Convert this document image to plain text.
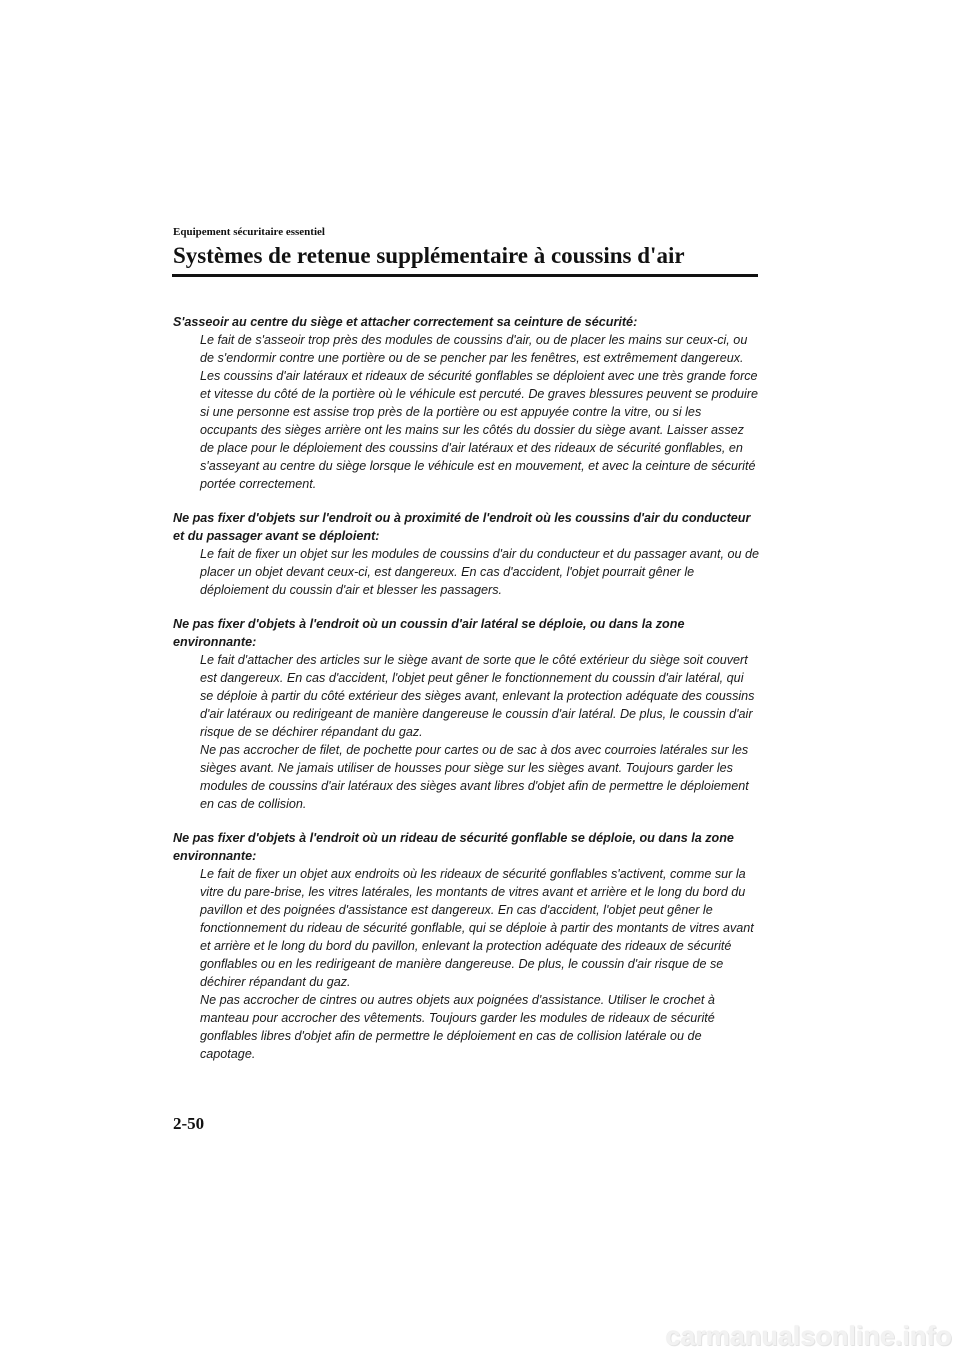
Equipement sécuritaire essentiel
Systèmes de retenue supplémentaire à coussins d'air

S'asseoir au centre du siège et attacher correctement sa ceinture de sécurité:

Le fait de s'asseoir trop près des modules de coussins d'air, ou de placer les mains sur ceux-ci, ou de s'endormir contre une portière ou de se pencher par les fenêtres, est extrêmement dangereux. Les coussins d'air latéraux et rideaux de sécurité gonflables se déploient avec une très grande force et vitesse du côté de la portière où le véhicule est percuté. De graves blessures peuvent se produire si une personne est assise trop près de la portière ou est appuyée contre la vitre, ou si les occupants des sièges arrière ont les mains sur les côtés du dossier du siège avant. Laisser assez de place pour le déploiement des coussins d'air latéraux et des rideaux de sécurité gonflables, en s'asseyant au centre du siège lorsque le véhicule est en mouvement, et avec la ceinture de sécurité portée correctement.

Ne pas fixer d'objets sur l'endroit ou à proximité de l'endroit où les coussins d'air du conducteur et du passager avant se déploient:

Le fait de fixer un objet sur les modules de coussins d'air du conducteur et du passager avant, ou de placer un objet devant ceux-ci, est dangereux. En cas d'accident, l'objet pourrait gêner le déploiement du coussin d'air et blesser les passagers.

Ne pas fixer d'objets à l'endroit où un coussin d'air latéral se déploie, ou dans la zone environnante:

Le fait d'attacher des articles sur le siège avant de sorte que le côté extérieur du siège soit couvert est dangereux. En cas d'accident, l'objet peut gêner le fonctionnement du coussin d'air latéral, qui se déploie à partir du côté extérieur des sièges avant, enlevant la protection adéquate des coussins d'air latéraux ou redirigeant de manière dangereuse le coussin d'air latéral. De plus, le coussin d'air risque de se déchirer répandant du gaz.

Ne pas accrocher de filet, de pochette pour cartes ou de sac à dos avec courroies latérales sur les sièges avant. Ne jamais utiliser de housses pour siège sur les sièges avant. Toujours garder les modules de coussins d'air latéraux des sièges avant libres d'objet afin de permettre le déploiement en cas de collision.

Ne pas fixer d'objets à l'endroit où un rideau de sécurité gonflable se déploie, ou dans la zone environnante:

Le fait de fixer un objet aux endroits où les rideaux de sécurité gonflables s'activent, comme sur la vitre du pare-brise, les vitres latérales, les montants de vitres avant et arrière et le long du bord du pavillon et des poignées d'assistance est dangereux. En cas d'accident, l'objet peut gêner le fonctionnement du rideau de sécurité gonflable, qui se déploie à partir des montants de vitres avant et arrière et le long du bord du pavillon, enlevant la protection adéquate des rideaux de sécurité gonflables ou en les redirigeant de manière dangereuse. De plus, le coussin d'air risque de se déchirer répandant du gaz.

Ne pas accrocher de cintres ou autres objets aux poignées d'assistance. Utiliser le crochet à manteau pour accrocher des vêtements. Toujours garder les modules de rideaux de sécurité gonflables libres d'objet afin de permettre le déploiement en cas de collision latérale ou de capotage.

2-50
carmanualsonline.info
